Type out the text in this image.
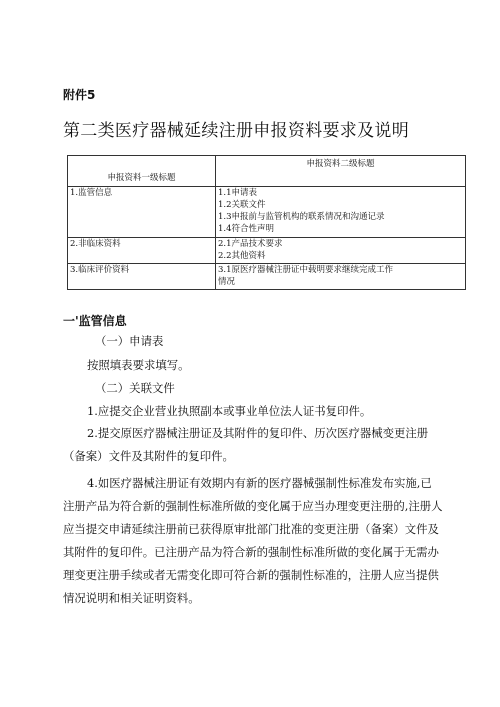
附件5
第二类医疗器械延续注册申报资料要求及说明
申报资料一级标题	申报资料二级标题
1.监管信息	1.1申请表
1.2关联文件
1.3申报前与监管机构的联系情况和沟通记录
1.4符合性声明

2.非临床资料	2.1产品技术要求
2.2其他资料

3.临床评价资料	3.1原医疗器械注册证中载明要求继续完成工作
情况
一'监管信息
（一）申请表
按照填表要求填写。
（二）关联文件
1.应提交企业营业执照副本或事业单位法人证书复印件。
2.提交原医疗器械注册证及其附件的复印件、历次医疗器械变更注册（备案）文件及其附件的复印件。
4.如医疗器械注册证有效期内有新的医疗器械强制性标准发布实施,已注册产品为符合新的强制性标准所做的变化属于应当办理变更注册的,注册人应当提交申请延续注册前已获得原审批部门批准的变更注册（备案）文件及其附件的复印件。已注册产品为符合新的强制性标准所做的变化属于无需办理变更注册手续或者无需变化即可符合新的强制性标准的，注册人应当提供情况说明和相关证明资料。
